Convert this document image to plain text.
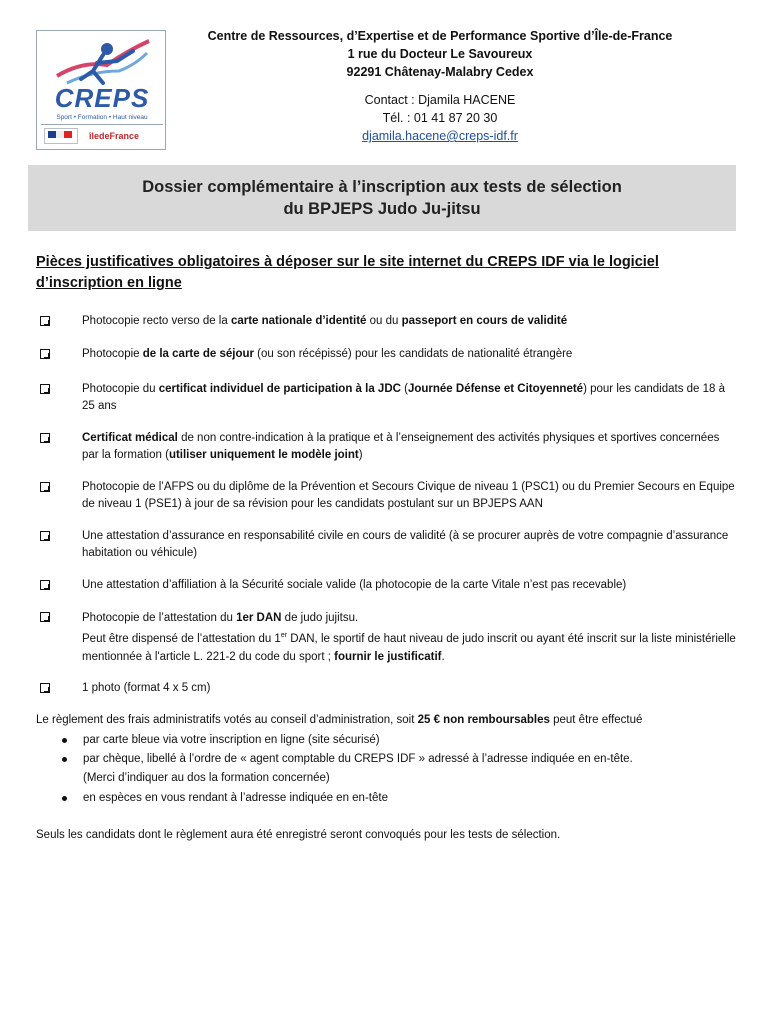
CREPS
Sport • Formation • Haut niveau
îledeFrance
Centre de Ressources, d’Expertise et de Performance Sportive d’Île-de-France
1 rue du Docteur Le Savoureux
92291 Châtenay-Malabry Cedex
Contact : Djamila HACENE
Tél. : 01 41 87 20 30
djamila.hacene@creps-idf.fr
Dossier complémentaire à l’inscription aux tests de sélection
du BPJEPS Judo Ju-jitsu
Pièces justificatives obligatoires à déposer sur le site internet du CREPS IDF via le logiciel d’inscription en ligne
Photocopie recto verso de la carte nationale d’identité ou du passeport en cours de validité
Photocopie de la carte de séjour (ou son récépissé) pour les candidats de nationalité étrangère
Photocopie du certificat individuel de participation à la JDC (Journée Défense et Citoyenneté) pour les candidats de 18 à 25 ans
Certificat médical de non contre-indication à la pratique et à l’enseignement des activités physiques et sportives concernées par la formation (utiliser uniquement le modèle joint)
Photocopie de l’AFPS ou du diplôme de la Prévention et Secours Civique de niveau 1 (PSC1) ou du Premier Secours en Equipe de niveau 1 (PSE1) à jour de sa révision pour les candidats postulant sur un BPJEPS AAN
Une attestation d’assurance en responsabilité civile en cours de validité (à se procurer auprès de votre compagnie d’assurance habitation ou véhicule)
Une attestation d’affiliation à la Sécurité sociale valide (la photocopie de la carte Vitale n’est pas recevable)
Photocopie de l’attestation du 1er DAN de judo jujitsu.
Peut être dispensé de l’attestation du 1er DAN, le sportif de haut niveau de judo inscrit ou ayant été inscrit sur la liste ministérielle mentionnée à l'article L. 221-2 du code du sport ; fournir le justificatif.
1 photo (format 4 x 5 cm)
Le règlement des frais administratifs votés au conseil d’administration, soit 25 € non remboursables peut être effectué
par carte bleue via votre inscription en ligne (site sécurisé)
par chèque, libellé à l’ordre de « agent comptable du CREPS IDF » adressé à l’adresse indiquée en en-tête.
(Merci d’indiquer au dos la formation concernée)
en espèces en vous rendant à l’adresse indiquée en en-tête
Seuls les candidats dont le règlement aura été enregistré seront convoqués pour les tests de sélection.
